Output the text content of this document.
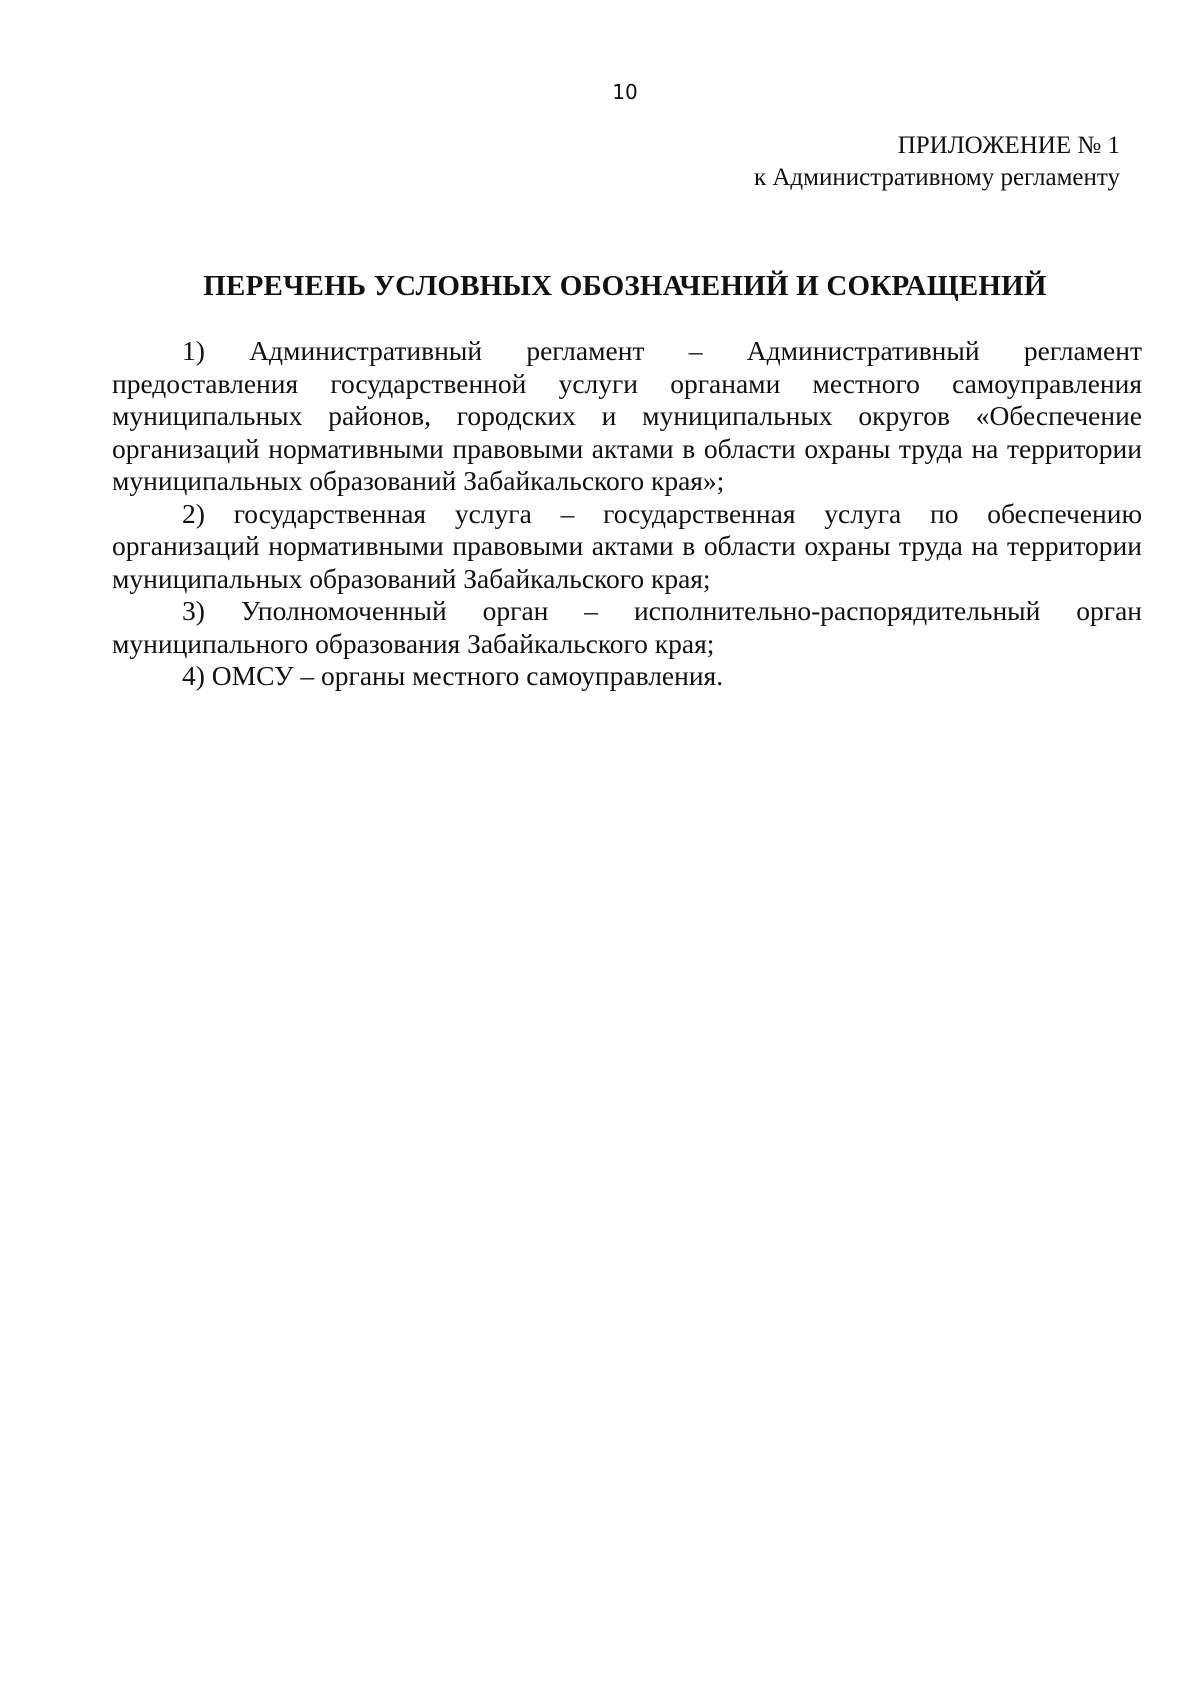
10
ПРИЛОЖЕНИЕ № 1
к Административному регламенту
ПЕРЕЧЕНЬ УСЛОВНЫХ ОБОЗНАЧЕНИЙ И СОКРАЩЕНИЙ

1) Административный регламент – Административный регламент предоставления государственной услуги органами местного самоуправления муниципальных районов, городских и муниципальных округов «Обеспечение организаций нормативными правовыми актами в области охраны труда на территории муниципальных образований Забайкальского края»;

2) государственная услуга – государственная услуга по обеспечению организаций нормативными правовыми актами в области охраны труда на территории муниципальных образований Забайкальского края;

3) Уполномоченный орган – исполнительно-распорядительный орган муниципального образования Забайкальского края;

4) ОМСУ – органы местного самоуправления.
